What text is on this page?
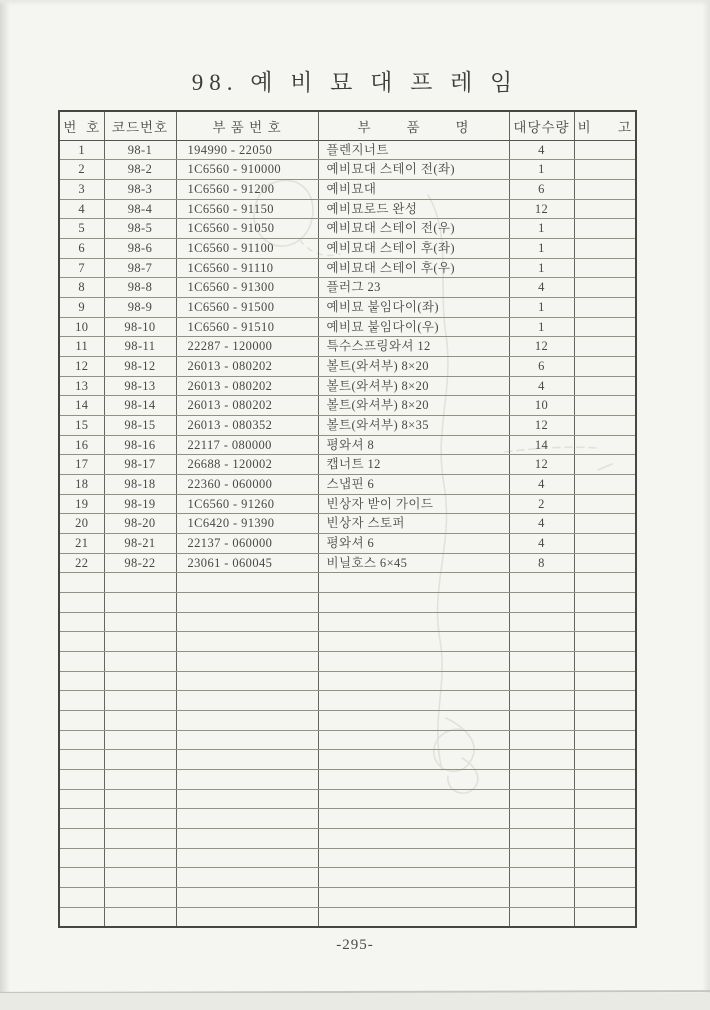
98. 예 비 묘 대 프 레 임
번  호	코드번호	부 품 번 호	부        품        명	대당수량	비      고
1	98-1	194990 - 22050	플렌지너트	4	
2	98-2	1C6560 - 910000	예비묘대 스테이 전(좌)	1	
3	98-3	1C6560 - 91200	예비묘대	6	
4	98-4	1C6560 - 91150	예비묘로드 완성	12	
5	98-5	1C6560 - 91050	예비묘대 스테이 전(우)	1	
6	98-6	1C6560 - 91100	예비묘대 스테이 후(좌)	1	
7	98-7	1C6560 - 91110	예비묘대 스테이 후(우)	1	
8	98-8	1C6560 - 91300	플러그 23	4	
9	98-9	1C6560 - 91500	예비묘 붙임다이(좌)	1	
10	98-10	1C6560 - 91510	예비묘 붙임다이(우)	1	
11	98-11	22287 - 120000	특수스프링와셔 12	12	
12	98-12	26013 - 080202	볼트(와셔부) 8×20	6	
13	98-13	26013 - 080202	볼트(와셔부) 8×20	4	
14	98-14	26013 - 080202	볼트(와셔부) 8×20	10	
15	98-15	26013 - 080352	볼트(와셔부) 8×35	12	
16	98-16	22117 - 080000	평와셔 8	14	
17	98-17	26688 - 120002	캡너트 12	12	
18	98-18	22360 - 060000	스냅핀 6	4	
19	98-19	1C6560 - 91260	빈상자 받이 가이드	2	
20	98-20	1C6420 - 91390	빈상자 스토퍼	4	
21	98-21	22137 - 060000	평와셔 6	4	
22	98-22	23061 - 060045	비닐호스 6×45	8	

-295-
